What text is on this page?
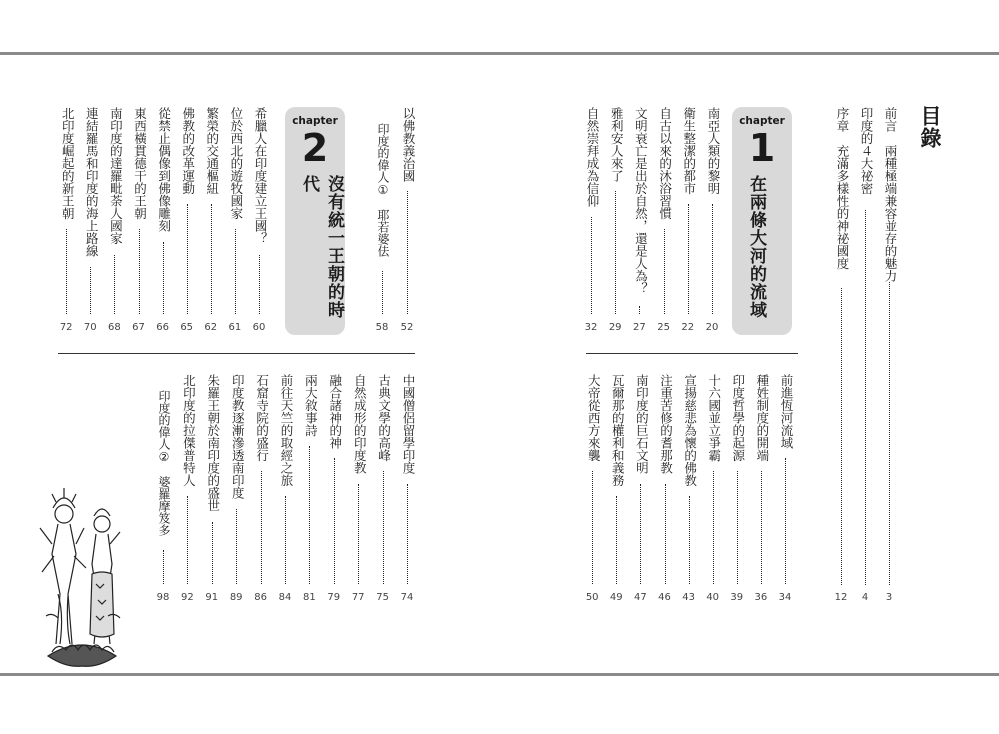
目錄
前言　兩種極端兼容並存的魅力
3
印度的４大祕密
4
序章　充滿多樣性的神祕國度
12
chapter
1
在兩條大河的流域
南亞人類的黎明
20
衛生整潔的都市
22
自古以來的沐浴習慣
25
文明衰亡是出於自然，還是人為？
27
雅利安人來了
29
自然崇拜成為信仰
32
前進恆河流域
34
種姓制度的開端
36
印度哲學的起源
39
十六國並立爭霸
40
宣揚慈悲為懷的佛教
43
注重苦修的耆那教
46
南印度的巨石文明
47
瓦爾那的權利和義務
49
大帝從西方來襲
50
以佛教義治國
52
印度的偉人①　耶若婆佉
58
chapter
2
沒有統一王朝的時代
希臘人在印度建立王國？
60
位於西北的遊牧國家
61
繁榮的交通樞紐
62
佛教的改革運動
65
從禁止偶像到佛像雕刻
66
東西橫貫德干的王朝
67
南印度的達羅毗荼人國家
68
連結羅馬和印度的海上路線
70
北印度崛起的新王朝
72
中國僧侶留學印度
74
古典文學的高峰
75
自然成形的印度教
77
融合諸神的神
79
兩大敘事詩
81
前往天竺的取經之旅
84
石窟寺院的盛行
86
印度教逐漸滲透南印度
89
朱羅王朝於南印度的盛世
91
北印度的拉傑普特人
92
印度的偉人②　婆羅摩笈多
98
